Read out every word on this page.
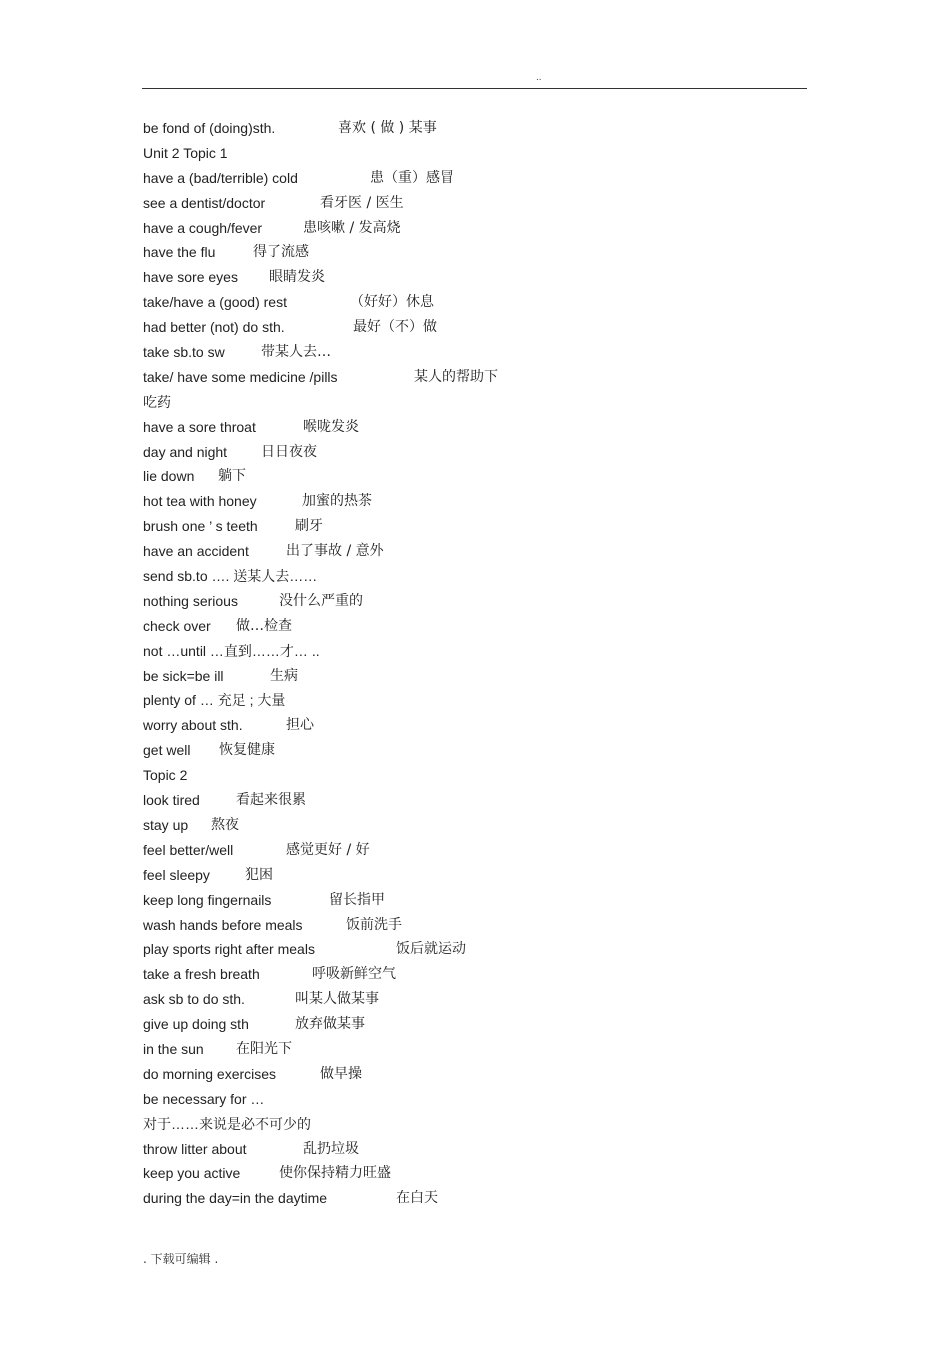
..
be fond of (doing)sth.	喜欢 ( 做 ) 某事
Unit 2 Topic 1
have a (bad/terrible) cold	患（重）感冒
see a dentist/doctor	看牙医 / 医生
have a cough/fever	患咳嗽 / 发高烧
have the flu	得了流感
have sore eyes 眼睛发炎
take/have a (good) rest	（好好）休息
had better (not) do sth.	最好（不）做
take sb.to sw	带某人去…
take/ have some medicine /pills	某人的帮助下
吃药
have a sore throat	喉咙发炎
day and night 日日夜夜
lie down 躺下
hot tea with honey	加蜜的热茶
brush one ’ s teeth	刷牙
have an accident	出了事故 / 意外
send sb.to …. 送某人去……
nothing serious	没什么严重的
check over 做…检查
not …until …直到……才… ..
be sick=be ill	生病
plenty of … 充足 ; 大量
worry about sth.	担心
get well 恢复健康
Topic 2
look tired	看起来很累
stay up 熬夜
feel better/well	感觉更好 / 好
feel sleepy	犯困
keep long fingernails	留长指甲
wash hands before meals	饭前洗手
play sports right after meals	饭后就运动
take a fresh breath	呼吸新鲜空气
ask sb to do sth.	叫某人做某事
give up doing sth	放弃做某事
in the sun 在阳光下
do morning exercises	做早操
be necessary for …
对于……来说是必不可少的
throw litter about	乱扔垃圾
keep you active	使你保持精力旺盛
during the day=in the daytime	在白天
. 下载可编辑 .
